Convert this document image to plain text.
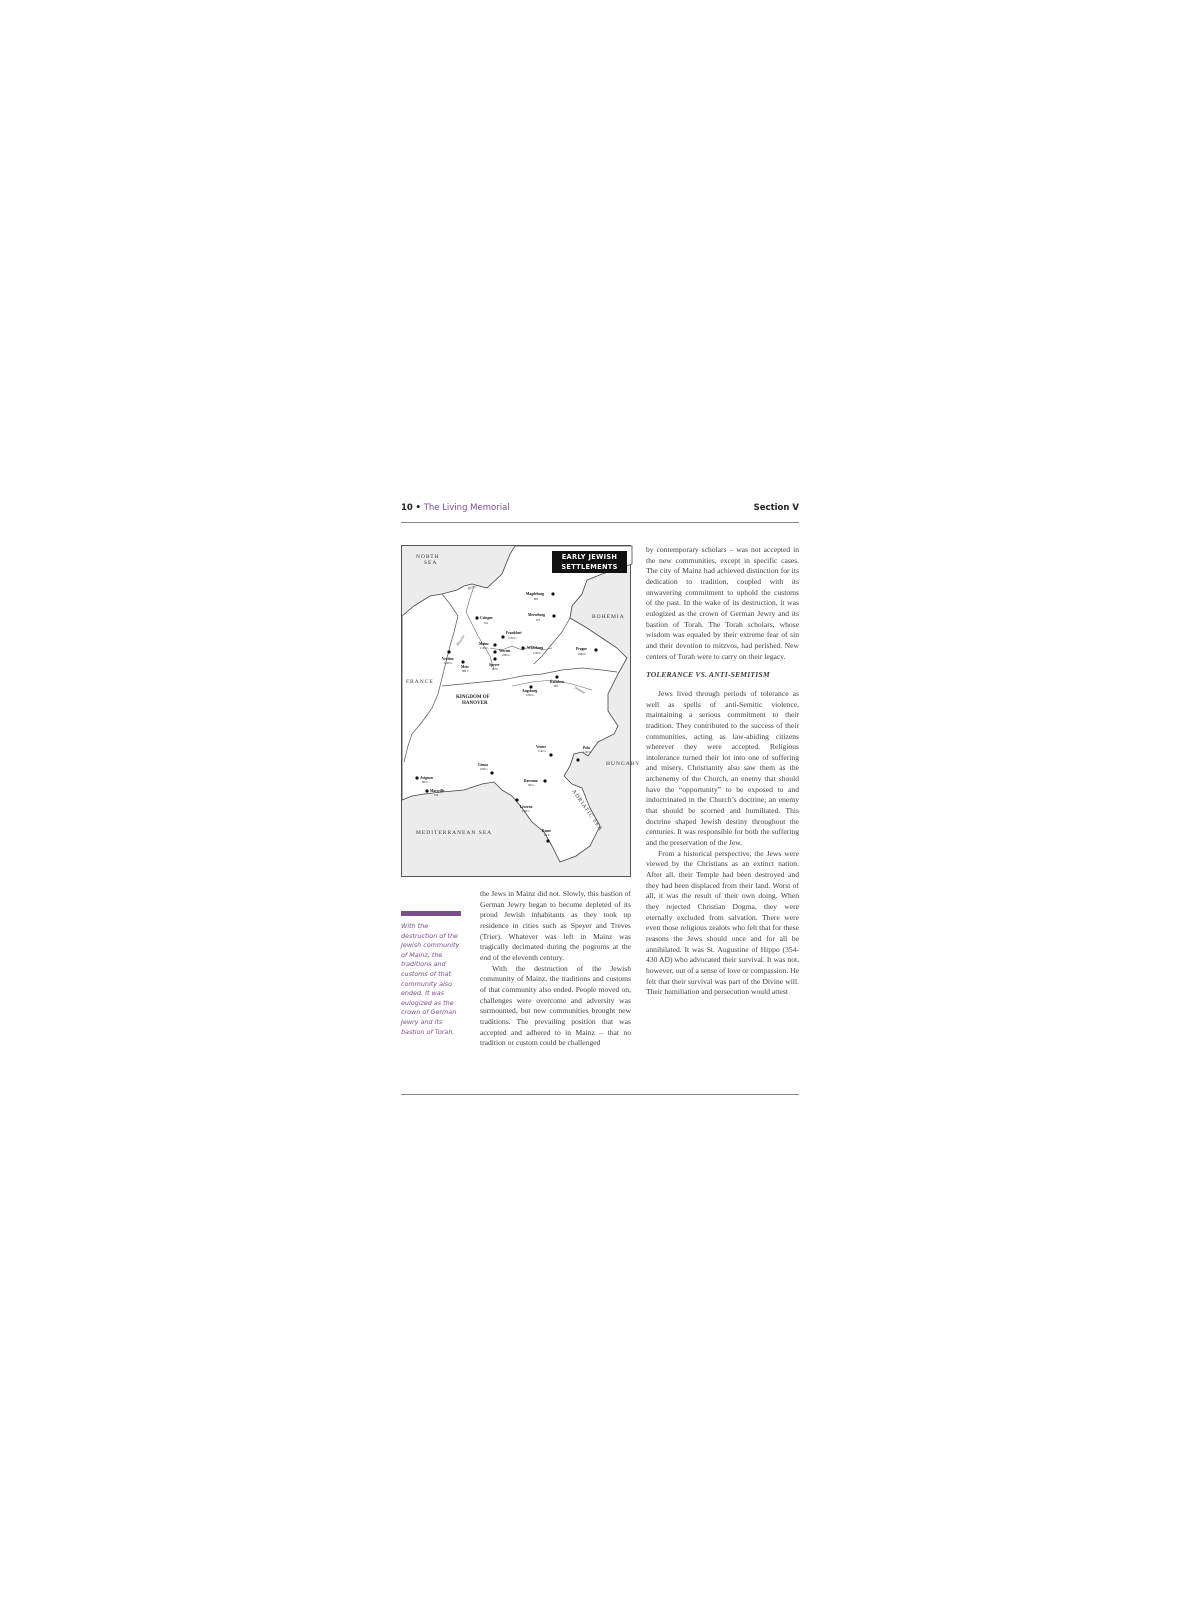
10 • The Living Memorial	Section V
NORTH
SEA
FRANCE
BOHEMIA
HUNGARY
MEDITERRANEAN SEA
KINGDOM OF
HANOVER
ADRIATIC SEA
Rhine
Danube
Moselle
Magdeburg
965
Cologne
321
Merseburg
973
Frankfurt
1150 C.
Mainz
1100 C.
Worms
1000 C.
Würzburg
1100 C.
Prague
1000 C.
Verdun
1100 C.
Metz
980 C.
Speyer
1070
Ratisbon
981
Augsburg
1100 C.
Venice
11th C.
Pola
1100 C.
Genoa
10th C.
Ravenna
5th C.
Avignon
8th C.
Marseille
574
Livorno
12th C.
Rome
1st C.
EARLY JEWISH
SETTLEMENTS

by contemporary scholars – was not accepted in the new communities, except in specific cases. The city of Mainz had achieved distinction for its dedication to tradition, coupled with its unwavering commitment to uphold the customs of the past. In the wake of its destruction, it was eulogized as the crown of German Jewry and its bastion of Torah. The Torah scholars, whose wisdom was equaled by their extreme fear of sin and their devotion to mitzvos, had perished. New centers of Torah were to carry on their legacy.

TOLERANCE VS. ANTI-SEMITISM

Jews lived through periods of tolerance as well as spells of anti-Semitic violence, maintaining a serious commitment to their tradition. They contributed to the success of their communities, acting as law-abiding citizens wherever they were accepted. Religious intolerance turned their lot into one of suffering and misery. Christianity also saw them as the archenemy of the Church, an enemy that should have the “opportunity” to be exposed to and indoctrinated in the Church’s doctrine; an enemy that should be scorned and humiliated. This doctrine shaped Jewish destiny throughout the centuries. It was responsible for both the suffering and the preservation of the Jew.

From a historical perspective, the Jews were viewed by the Christians as an extinct nation. After all, their Temple had been destroyed and they had been displaced from their land. Worst of all, it was the result of their own doing. When they rejected Christian Dogma, they were eternally excluded from salvation. There were even those religious zealots who felt that for these reasons the Jews should once and for all be annihilated. It was St. Augustine of Hippo (354-430 AD) who advocated their survival. It was not, however, out of a sense of love or compassion. He felt that their survival was part of the Divine will. Their humiliation and persecution would attest

the Jews in Mainz did not. Slowly, this bastion of German Jewry began to become depleted of its proud Jewish inhabitants as they took up residence in cities such as Speyer and Treves (Trier). Whatever was left in Mainz was tragically decimated during the pogroms at the end of the eleventh century.

With the destruction of the Jewish community of Mainz, the traditions and customs of that community also ended. People moved on, challenges were overcome and adversity was surmounted, but new communities brought new traditions. The prevailing position that was accepted and adhered to in Mainz – that no tradition or custom could be challenged

With the destruction of the Jewish community of Mainz, the traditions and customs of that community also ended. It was eulogized as the crown of German Jewry and its bastion of Torah.
